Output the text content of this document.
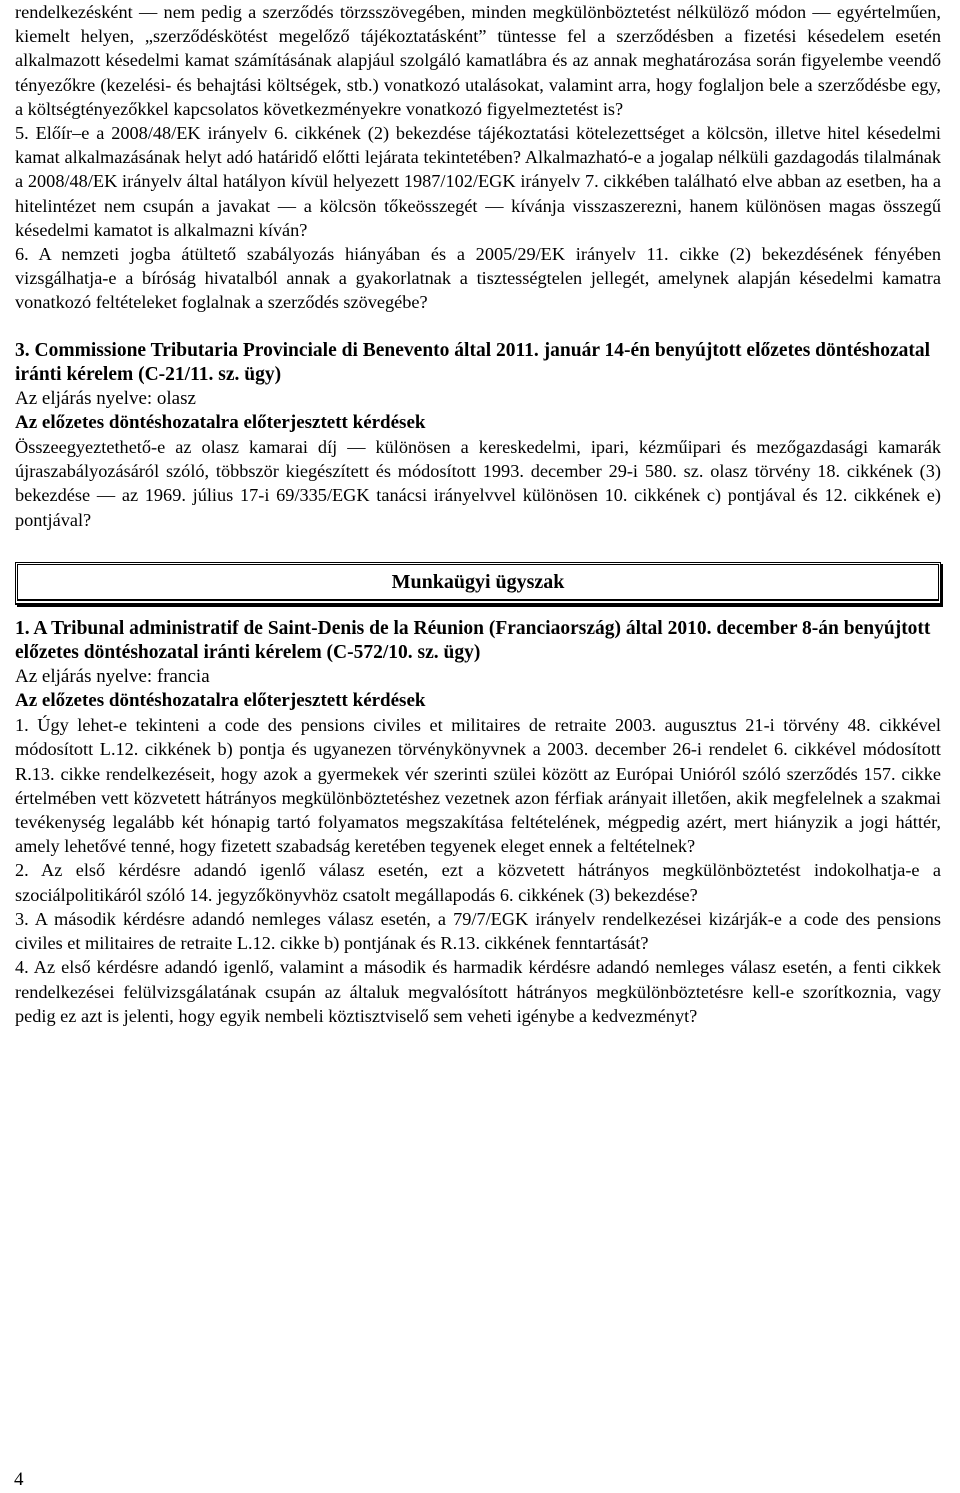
rendelkezésként — nem pedig a szerződés törzsszövegében, minden megkülönböztetést nélkülöző módon — egyértelműen, kiemelt helyen, „szerződéskötést megelőző tájékoztatásként” tüntesse fel a szerződésben a fizetési késedelem esetén alkalmazott késedelmi kamat számításának alapjául szolgáló kamatlábra és az annak meghatározása során figyelembe veendő tényezőkre (kezelési- és behajtási költségek, stb.) vonatkozó utalásokat, valamint arra, hogy foglaljon bele a szerződésbe egy, a költségtényezőkkel kapcsolatos következményekre vonatkozó figyelmeztetést is?

5. Előír–e a 2008/48/EK irányelv 6. cikkének (2) bekezdése tájékoztatási kötelezettséget a kölcsön, illetve hitel késedelmi kamat alkalmazásának helyt adó határidő előtti lejárata tekintetében? Alkalmazható-e a jogalap nélküli gazdagodás tilalmának a 2008/48/EK irányelv által hatályon kívül helyezett 1987/102/EGK irányelv 7. cikkében található elve abban az esetben, ha a hitelintézet nem csupán a javakat — a kölcsön tőkeösszegét — kívánja visszaszerezni, hanem különösen magas összegű késedelmi kamatot is alkalmazni kíván?

6. A nemzeti jogba átültető szabályozás hiányában és a 2005/29/EK irányelv 11. cikke (2) bekezdésének fényében vizsgálhatja-e a bíróság hivatalból annak a gyakorlatnak a tisztességtelen jellegét, amelynek alapján késedelmi kamatra vonatkozó feltételeket foglalnak a szerződés szövegébe?

3. Commissione Tributaria Provinciale di Benevento által 2011. január 14-én benyújtott előzetes döntéshozatal iránti kérelem (C-21/11. sz. ügy)

Az eljárás nyelve: olasz

Az előzetes döntéshozatalra előterjesztett kérdések

Összeegyeztethető-e az olasz kamarai díj — különösen a kereskedelmi, ipari, kézműipari és mezőgazdasági kamarák újraszabályozásáról szóló, többször kiegészített és módosított 1993. december 29-i 580. sz. olasz törvény 18. cikkének (3) bekezdése — az 1969. július 17-i 69/335/EGK tanácsi irányelvvel különösen 10. cikkének c) pontjával és 12. cikkének e) pontjával?

Munkaügyi ügyszak

1. A Tribunal administratif de Saint-Denis de la Réunion (Franciaország) által 2010. december 8-án benyújtott előzetes döntéshozatal iránti kérelem (C-572/10. sz. ügy)

Az eljárás nyelve: francia

Az előzetes döntéshozatalra előterjesztett kérdések

1. Úgy lehet-e tekinteni a code des pensions civiles et militaires de retraite 2003. augusztus 21-i törvény 48. cikkével módosított L.12. cikkének b) pontja és ugyanezen törvénykönyvnek a 2003. december 26-i rendelet 6. cikkével módosított R.13. cikke rendelkezéseit, hogy azok a gyermekek vér szerinti szülei között az Európai Unióról szóló szerződés 157. cikke értelmében vett közvetett hátrányos megkülönböztetéshez vezetnek azon férfiak arányait illetően, akik megfelelnek a szakmai tevékenység legalább két hónapig tartó folyamatos megszakítása feltételének, mégpedig azért, mert hiányzik a jogi háttér, amely lehetővé tenné, hogy fizetett szabadság keretében tegyenek eleget ennek a feltételnek?

2. Az első kérdésre adandó igenlő válasz esetén, ezt a közvetett hátrányos megkülönböztetést indokolhatja-e a szociálpolitikáról szóló 14. jegyzőkönyvhöz csatolt megállapodás 6. cikkének (3) bekezdése?

3. A második kérdésre adandó nemleges válasz esetén, a 79/7/EGK irányelv rendelkezései kizárják-e a code des pensions civiles et militaires de retraite L.12. cikke b) pontjának és R.13. cikkének fenntartását?

4. Az első kérdésre adandó igenlő, valamint a második és harmadik kérdésre adandó nemleges válasz esetén, a fenti cikkek rendelkezései felülvizsgálatának csupán az általuk megvalósított hátrányos megkülönböztetésre kell-e szorítkoznia, vagy pedig ez azt is jelenti, hogy egyik nembeli köztisztviselő sem veheti igénybe a kedvezményt?

4
